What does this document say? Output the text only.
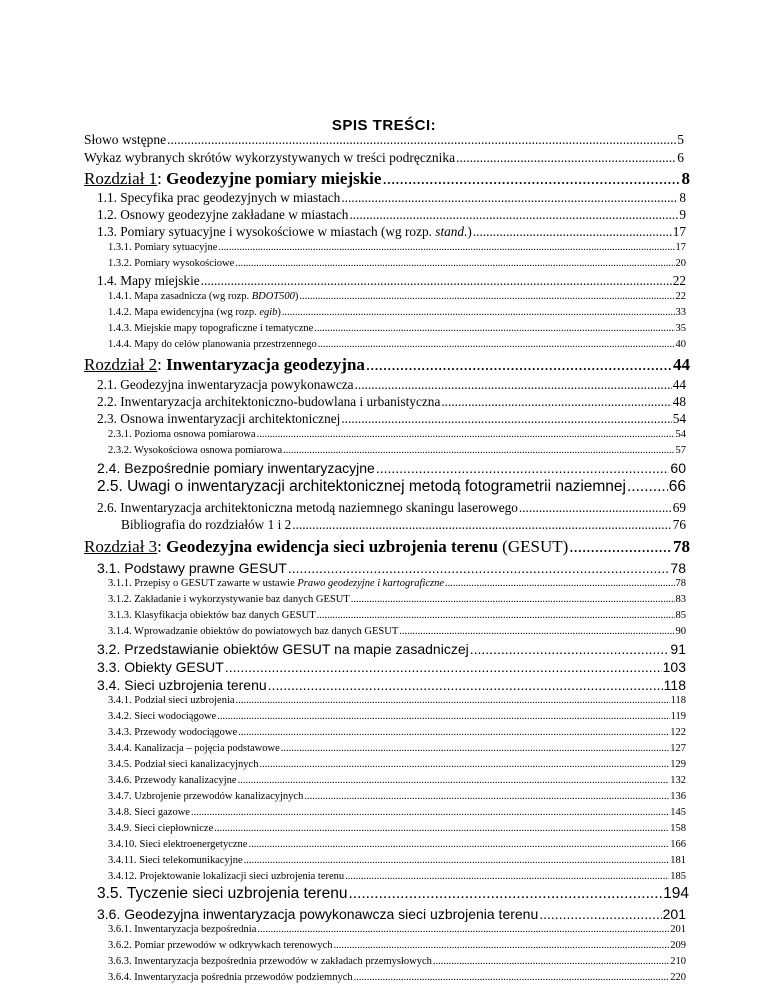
SPIS TREŚCI:
Słowo wstępne .....	5
Wykaz wybranych skrótów wykorzystywanych w treści podręcznika .....	6
Rozdział 1: Geodezyjne pomiary miejskie .....	8
1.1. Specyfika prac geodezyjnych w miastach .....	8
1.2. Osnowy geodezyjne zakładane w miastach .....	9
1.3. Pomiary sytuacyjne i wysokościowe w miastach (wg rozp. stand.) .....	17
1.3.1. Pomiary sytuacyjne .....	17
1.3.2. Pomiary wysokościowe .....	20
1.4. Mapy miejskie .....	22
1.4.1. Mapa zasadnicza (wg rozp. BDOT500) .....	22
1.4.2. Mapa ewidencyjna (wg rozp. egib) .....	33
1.4.3. Miejskie mapy topograficzne i tematyczne .....	35
1.4.4. Mapy do celów planowania przestrzennego .....	40
Rozdział 2: Inwentaryzacja geodezyjna .....	44
2.1. Geodezyjna inwentaryzacja powykonawcza .....	44
2.2. Inwentaryzacja architektoniczno-budowlana i urbanistyczna .....	48
2.3. Osnowa inwentaryzacji architektonicznej .....	54
2.3.1. Pozioma osnowa pomiarowa .....	54
2.3.2. Wysokościowa osnowa pomiarowa .....	57
2.4. Bezpośrednie pomiary inwentaryzacyjne .....	60
2.5. Uwagi o inwentaryzacji architektonicznej metodą fotogrametrii naziemnej .....	66
2.6. Inwentaryzacja architektoniczna metodą naziemnego skaningu laserowego .....	69
Bibliografia do rozdziałów 1 i 2 .....	76
Rozdział 3: Geodezyjna ewidencja sieci uzbrojenia terenu (GESUT) .....	78
3.1. Podstawy prawne GESUT .....	78
3.1.1. Przepisy o GESUT zawarte w ustawie Prawo geodezyjne i kartograficzne .....	78
3.1.2. Zakładanie i wykorzystywanie baz danych GESUT .....	83
3.1.3. Klasyfikacja obiektów baz danych GESUT .....	85
3.1.4. Wprowadzanie obiektów do powiatowych baz danych GESUT .....	90
3.2. Przedstawianie obiektów GESUT na mapie zasadniczej .....	91
3.3. Obiekty GESUT .....	103
3.4. Sieci uzbrojenia terenu .....	118
3.4.1. Podział sieci uzbrojenia .....	118
3.4.2. Sieci wodociągowe .....	119
3.4.3. Przewody wodociągowe .....	122
3.4.4. Kanalizacja – pojęcia podstawowe .....	127
3.4.5. Podział sieci kanalizacyjnych .....	129
3.4.6. Przewody kanalizacyjne .....	132
3.4.7. Uzbrojenie przewodów kanalizacyjnych .....	136
3.4.8. Sieci gazowe .....	145
3.4.9. Sieci ciepłownicze .....	158
3.4.10. Sieci elektroenergetyczne .....	166
3.4.11. Sieci telekomunikacyjne .....	181
3.4.12. Projektowanie lokalizacji sieci uzbrojenia terenu .....	185
3.5. Tyczenie sieci uzbrojenia terenu .....	194
3.6. Geodezyjna inwentaryzacja powykonawcza sieci uzbrojenia terenu .....	201
3.6.1. Inwentaryzacja bezpośrednia .....	201
3.6.2. Pomiar przewodów w odkrywkach terenowych .....	209
3.6.3. Inwentaryzacja bezpośrednia przewodów w zakładach przemysłowych .....	210
3.6.4. Inwentaryzacja pośrednia przewodów podziemnych .....	220
